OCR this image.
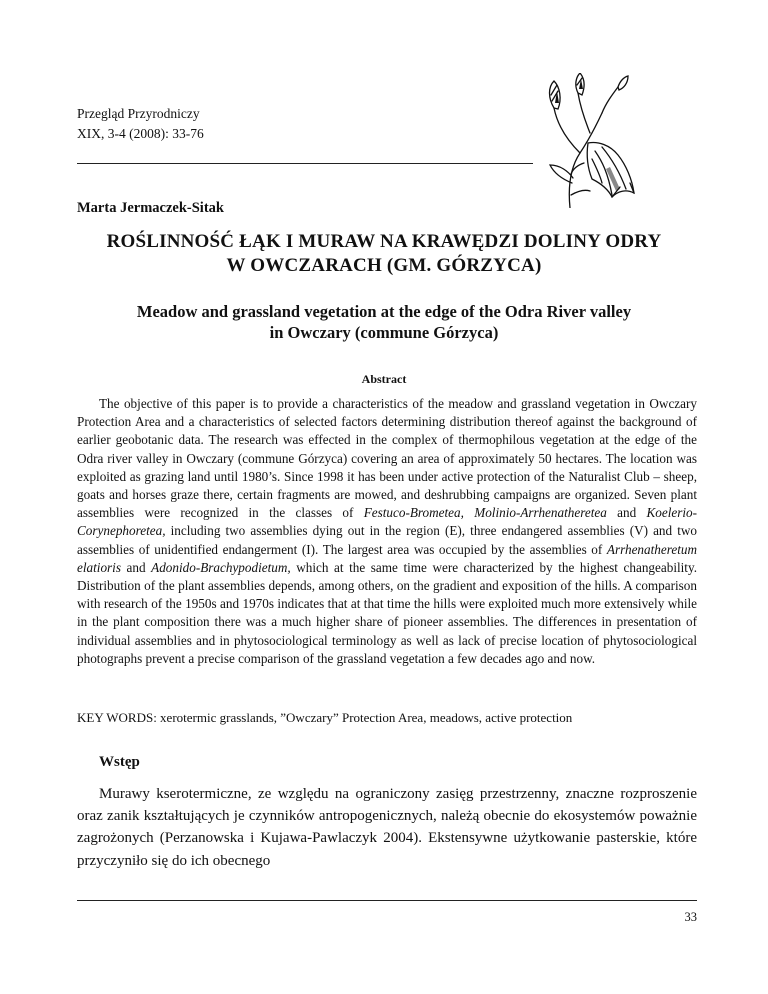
Przegląd Przyrodniczy
XIX, 3-4 (2008): 33-76
Marta Jermaczek-Sitak
ROŚLINNOŚĆ ŁĄK I MURAW NA KRAWĘDZI DOLINY ODRY
W OWCZARACH (GM. GÓRZYCA)
Meadow and grassland vegetation at the edge of the Odra River valley
in Owczary (commune Górzyca)
Abstract

The objective of this paper is to provide a characteristics of the meadow and grassland vegetation in Owczary Protection Area and a characteristics of selected factors determining distribution thereof against the background of earlier geobotanic data. The research was effected in the complex of thermophilous vegetation at the edge of the Odra river valley in Owczary (commune Górzyca) covering an area of approximately 50 hectares. The location was exploited as grazing land until 1980’s. Since 1998 it has been under active protection of the Naturalist Club – sheep, goats and horses graze there, certain fragments are mowed, and deshrubbing campaigns are organized. Seven plant assemblies were recognized in the classes of Festuco-Brometea, Molinio-Arrhenatheretea and Koelerio-Corynephoretea, including two assemblies dying out in the region (E), three endangered assemblies (V) and two assemblies of unidentified endangerment (I). The largest area was occupied by the assemblies of Arrhenatheretum elatioris and Adonido-Brachypodietum, which at the same time were characterized by the highest changeability. Distribution of the plant assemblies depends, among others, on the gradient and exposition of the hills. A comparison with research of the 1950s and 1970s indicates that at that time the hills were exploited much more extensively while in the plant composition there was a much higher share of pioneer assemblies. The differences in presentation of individual assemblies and in phytosociological terminology as well as lack of precise location of phytosociological photographs prevent a precise comparison of the grassland vegetation a few decades ago and now.

KEY WORDS: xerotermic grasslands, ”Owczary” Protection Area, meadows, active protection
Wstęp

Murawy kserotermiczne, ze względu na ograniczony zasięg przestrzenny, znaczne rozproszenie oraz zanik kształtujących je czynników antropogenicznych, należą obecnie do ekosystemów poważnie zagrożonych (Perzanowska i Kujawa-Pawlaczyk 2004). Ekstensywne użytkowanie pasterskie, które przyczyniło się do ich obecnego

33
